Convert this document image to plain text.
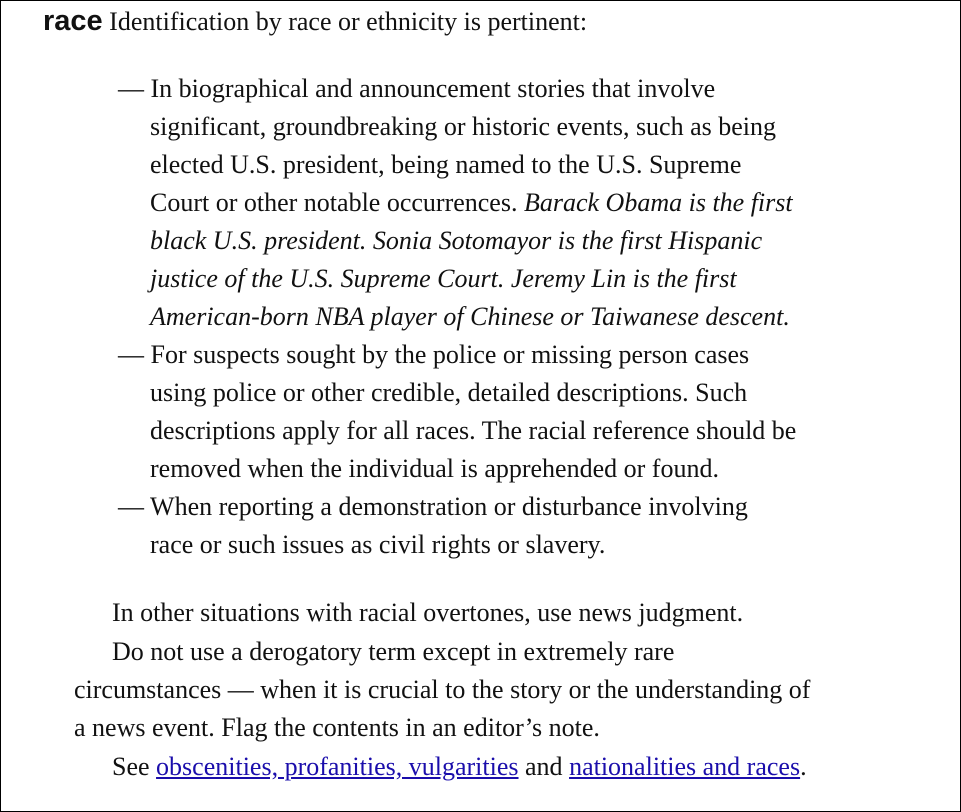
race Identification by race or ethnicity is pertinent:
— In biographical and announcement stories that involve
significant, groundbreaking or historic events, such as being
elected U.S. president, being named to the U.S. Supreme
Court or other notable occurrences. Barack Obama is the first
black U.S. president. Sonia Sotomayor is the first Hispanic
justice of the U.S. Supreme Court. Jeremy Lin is the first
American-born NBA player of Chinese or Taiwanese descent.
— For suspects sought by the police or missing person cases
using police or other credible, detailed descriptions. Such
descriptions apply for all races. The racial reference should be
removed when the individual is apprehended or found.
— When reporting a demonstration or disturbance involving
race or such issues as civil rights or slavery.
In other situations with racial overtones, use news judgment.
Do not use a derogatory term except in extremely rare
circumstances — when it is crucial to the story or the understanding of
a news event. Flag the contents in an editor’s note.
See obscenities, profanities, vulgarities and nationalities and races.
